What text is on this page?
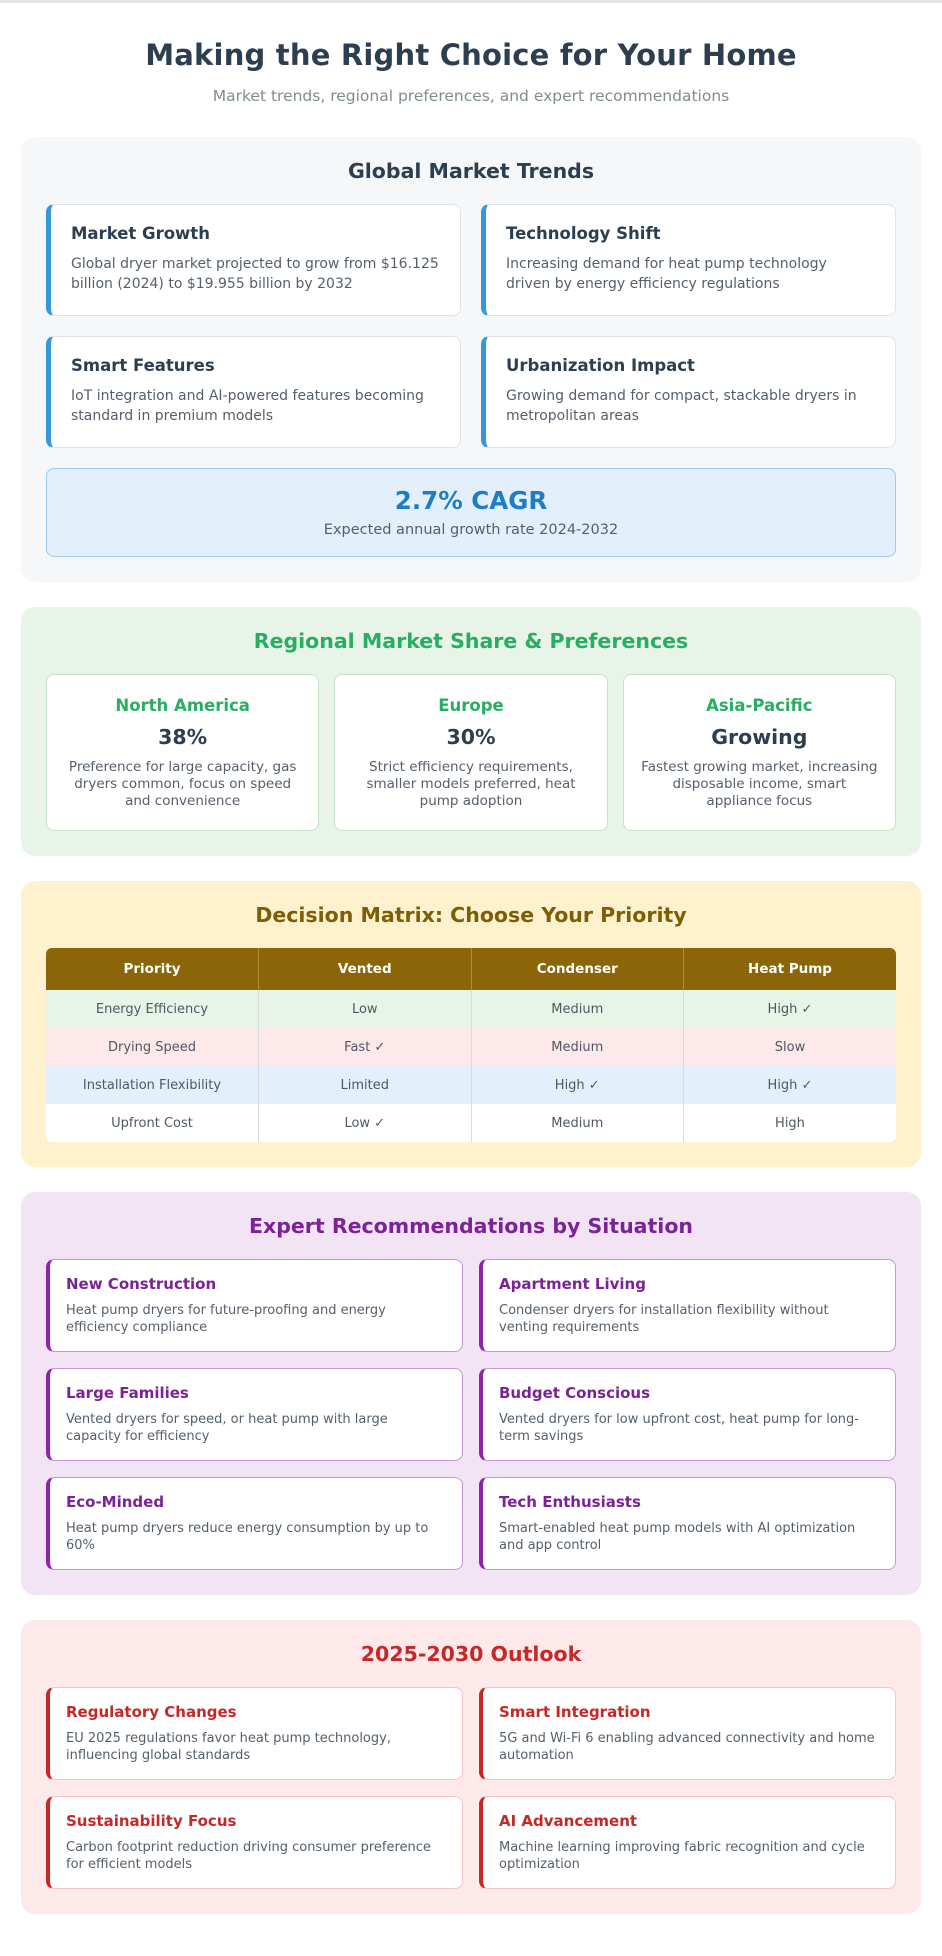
Making the Right Choice for Your Home
Market trends, regional preferences, and expert recommendations
Global Market Trends
Market Growth

Global dryer market projected to grow from $16.125 billion (2024) to $19.955 billion by 2032

Technology Shift

Increasing demand for heat pump technology driven by energy efficiency regulations

Smart Features

IoT integration and AI-powered features becoming standard in premium models

Urbanization Impact

Growing demand for compact, stackable dryers in metropolitan areas

2.7% CAGR
Expected annual growth rate 2024-2032
Regional Market Share & Preferences
North America
38%
Preference for large capacity, gas dryers common, focus on speed and convenience
Europe
30%
Strict efficiency requirements, smaller models preferred, heat pump adoption
Asia-Pacific
Growing
Fastest growing market, increasing disposable income, smart appliance focus
Decision Matrix: Choose Your Priority
Priority	Vented	Condenser	Heat Pump
Energy Efficiency	Low	Medium	High ✓
Drying Speed	Fast ✓	Medium	Slow
Installation Flexibility	Limited	High ✓	High ✓
Upfront Cost	Low ✓	Medium	High
Expert Recommendations by Situation
New Construction

Heat pump dryers for future-proofing and energy efficiency compliance

Apartment Living

Condenser dryers for installation flexibility without venting requirements

Large Families

Vented dryers for speed, or heat pump with large capacity for efficiency

Budget Conscious

Vented dryers for low upfront cost, heat pump for long-term savings

Eco-Minded

Heat pump dryers reduce energy consumption by up to 60%

Tech Enthusiasts

Smart-enabled heat pump models with AI optimization and app control

2025-2030 Outlook
Regulatory Changes

EU 2025 regulations favor heat pump technology, influencing global standards

Smart Integration

5G and Wi-Fi 6 enabling advanced connectivity and home automation

Sustainability Focus

Carbon footprint reduction driving consumer preference for efficient models

AI Advancement

Machine learning improving fabric recognition and cycle optimization
